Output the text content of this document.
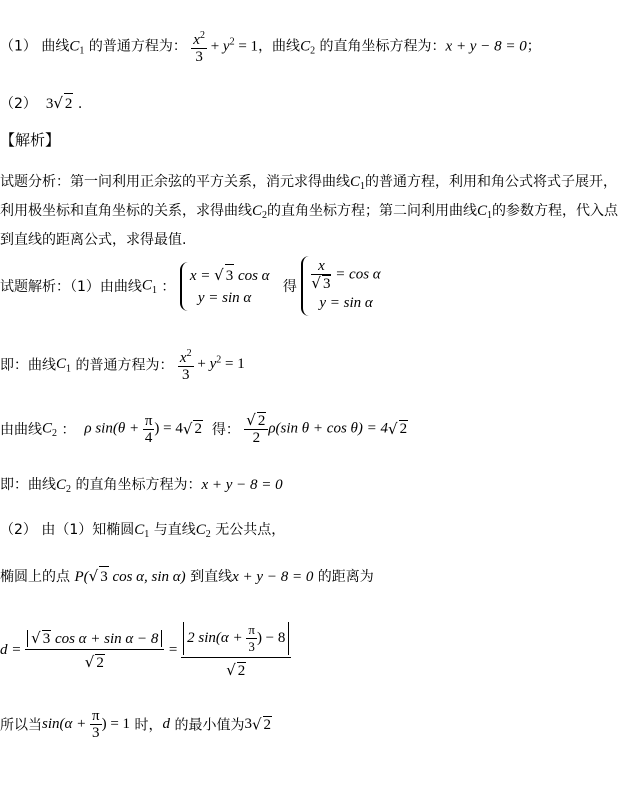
（1） 曲线$C_1$ 的普通方程为： $\frac{x^2}{3} + y^2 = 1$，曲线$C_2$ 的直角坐标方程为：x + y − 8 = 0；
（2） 3√ 2 .
【解析】
试题分析：第一问利用正余弦的平方关系，消元求得曲线$C_1$的普通方程，利用和角公式将式子展开，利用极坐标和直角坐标的关系，求得曲线$C_2$的直角坐标方程；第二问利用曲线$C_1$的参数方程，代入点到直线的距离公式，求得最值.
试题解析：（1）由曲线$C_1$ ：
x = √ 3 cos α
y = sin α
得 $\frac{x}{√ 3} = \cos \alpha$
y = sin α
即：曲线$C_1$ 的普通方程为： $\frac{x^2}{3} + y^2 = 1$
由曲线$C_2$ ： ρ $\sin(\theta + \frac{\pi}{4}$ ) = 4√ 2 得： $\frac{√ 2}{2} \rho(\sin$ θ + cos θ) = 4√ 2
即：曲线$C_2$ 的直角坐标方程为：x + y − 8 = 0
（2） 由（1）知椭圆$C_1$ 与直线$C_2$ 无公共点，
椭圆上的点 P(√ 3 cos α, sin α) 到直线x + y − 8 = 0 的距离为
$d = \frac{\text{√ 3 cos α + sin α − 8}}{√ 2} = \frac{2 \sin(\alpha + \frac{\pi}{3} ) - 8}{√ 2}$
所以当$\sin(\alpha + \frac{\pi}{3}$ ) = 1 时，d 的最小值为3√ 2
